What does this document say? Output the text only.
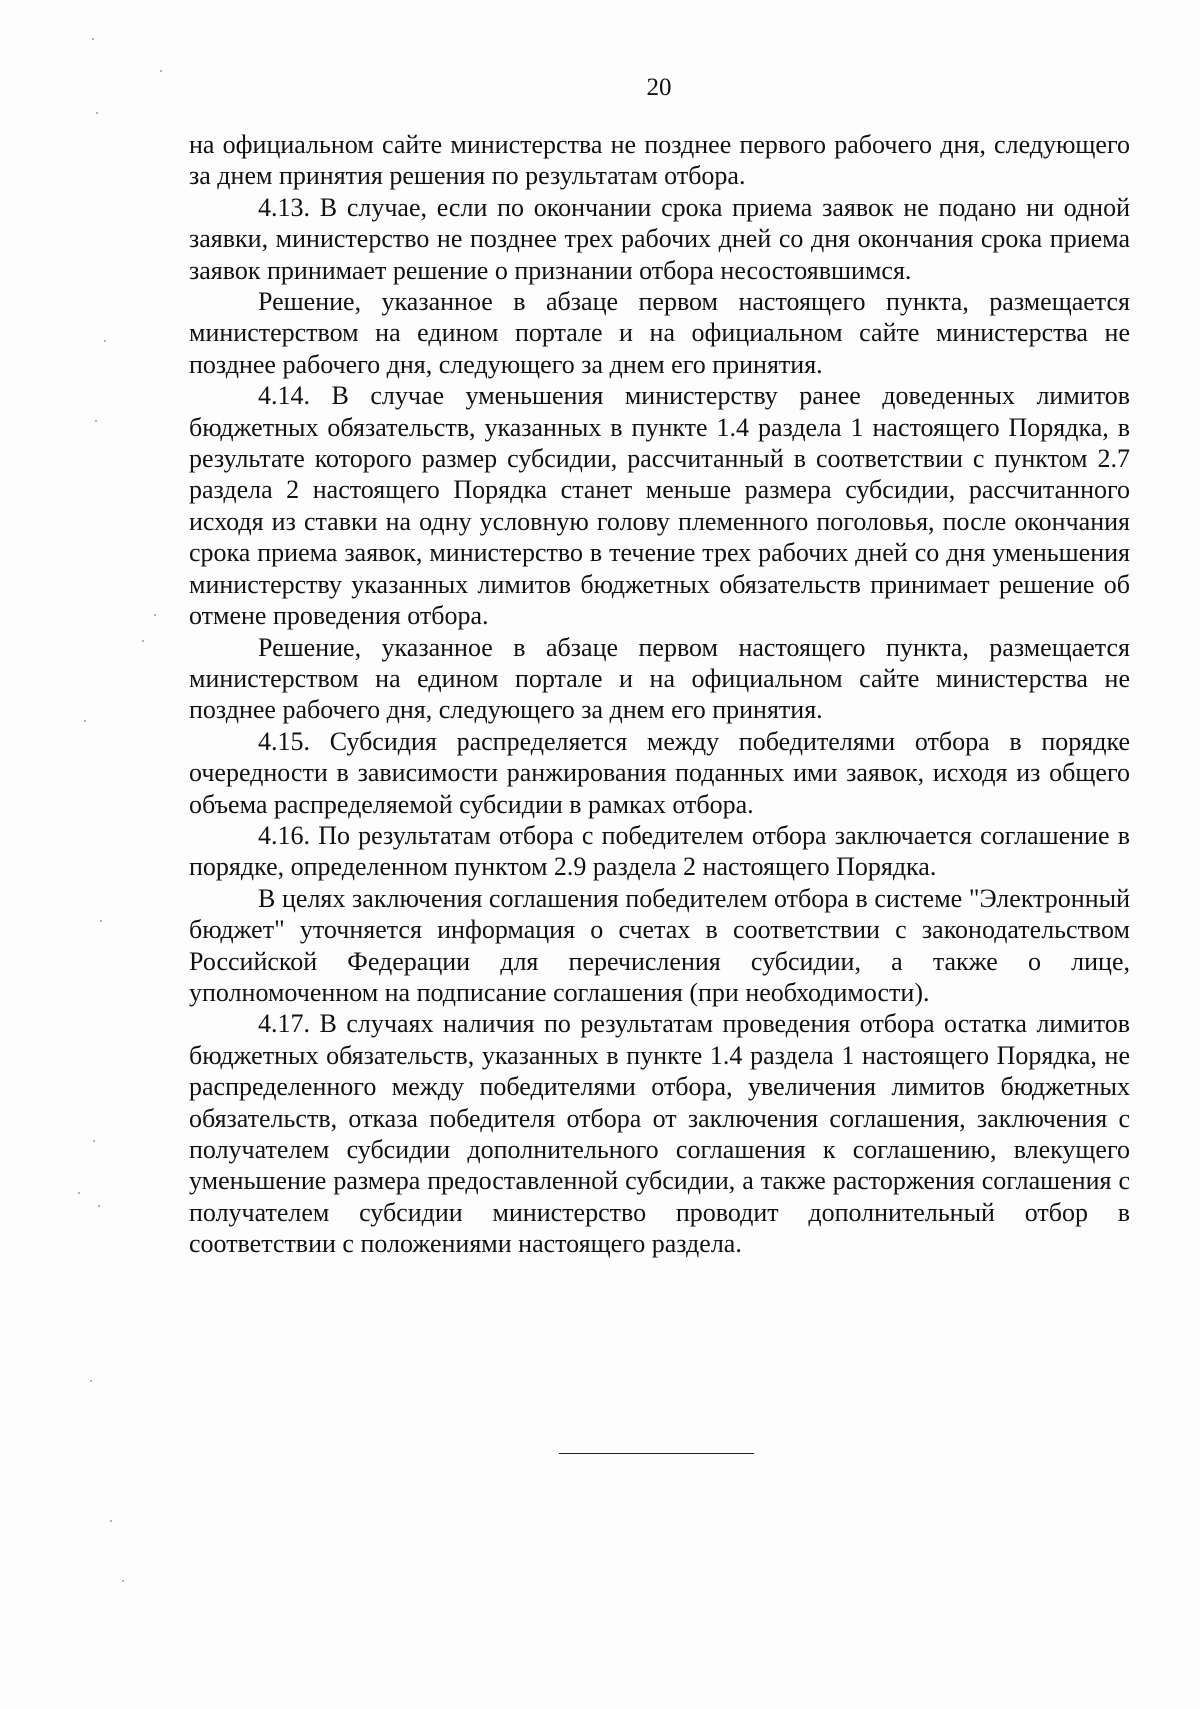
20

на официальном сайте министерства не позднее первого рабочего дня, следующего за днем принятия решения по результатам отбора.

4.13. В случае, если по окончании срока приема заявок не подано ни одной заявки, министерство не позднее трех рабочих дней со дня окончания срока приема заявок принимает решение о признании отбора несостоявшимся.

Решение, указанное в абзаце первом настоящего пункта, размещается министерством на едином портале и на официальном сайте министерства не позднее рабочего дня, следующего за днем его принятия.

4.14. В случае уменьшения министерству ранее доведенных лимитов бюджетных обязательств, указанных в пункте 1.4 раздела 1 настоящего Порядка, в результате которого размер субсидии, рассчитанный в соответствии с пунктом 2.7 раздела 2 настоящего Порядка станет меньше размера субсидии, рассчитанного исходя из ставки на одну условную голову племенного поголовья, после окончания срока приема заявок, министерство в течение трех рабочих дней со дня уменьшения министерству указанных лимитов бюджетных обязательств принимает решение об отмене проведения отбора.

Решение, указанное в абзаце первом настоящего пункта, размещается министерством на едином портале и на официальном сайте министерства не позднее рабочего дня, следующего за днем его принятия.

4.15. Субсидия распределяется между победителями отбора в порядке очередности в зависимости ранжирования поданных ими заявок, исходя из общего объема распределяемой субсидии в рамках отбора.

4.16. По результатам отбора с победителем отбора заключается соглашение в порядке, определенном пунктом 2.9 раздела 2 настоящего Порядка.

В целях заключения соглашения победителем отбора в системе "Электронный бюджет" уточняется информация о счетах в соответствии с законодательством Российской Федерации для перечисления субсидии, а также о лице, уполномоченном на подписание соглашения (при необходимости).

4.17. В случаях наличия по результатам проведения отбора остатка лимитов бюджетных обязательств, указанных в пункте 1.4 раздела 1 настоящего Порядка, не распределенного между победителями отбора, увеличения лимитов бюджетных обязательств, отказа победителя отбора от заключения соглашения, заключения с получателем субсидии дополнительного соглашения к соглашению, влекущего уменьшение размера предоставленной субсидии, а также расторжения соглашения с получателем субсидии министерство проводит дополнительный отбор в соответствии с положениями настоящего раздела.
